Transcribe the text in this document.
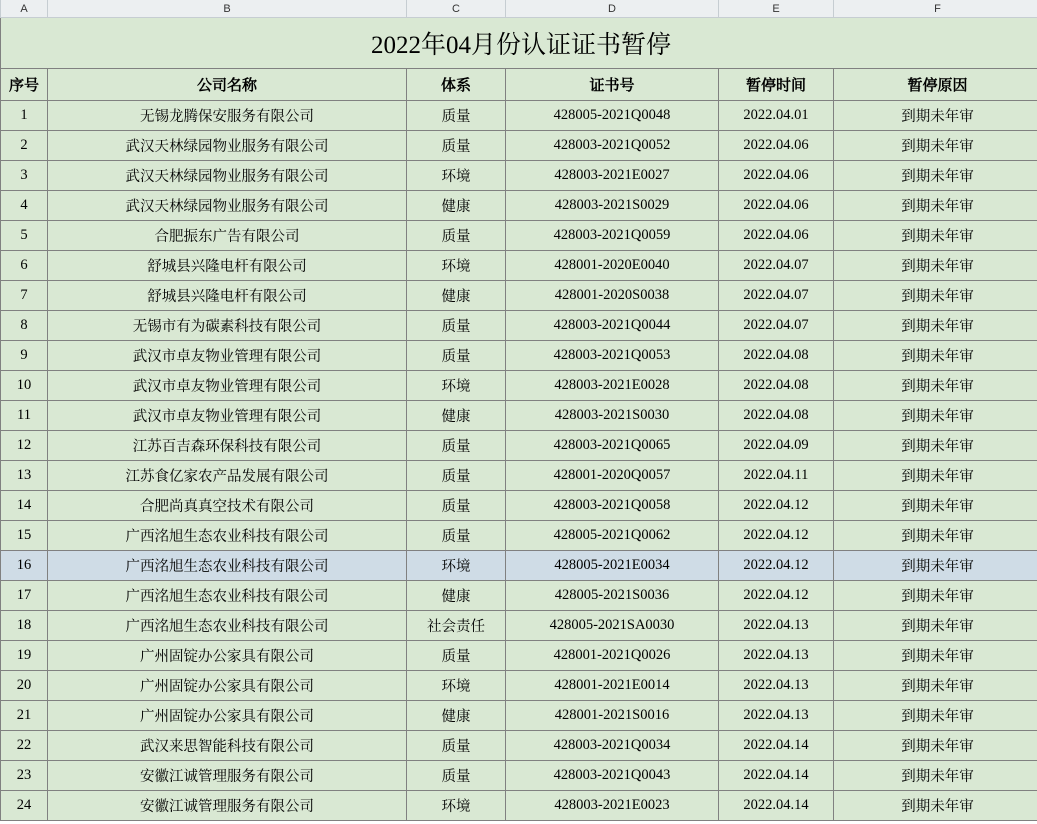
A	B	C	D	E	F
2022年04月份认证证书暂停					
序号	公司名称	体系	证书号	暂停时间	暂停原因
1	无锡龙腾保安服务有限公司	质量	428005-2021Q0048	2022.04.01	到期未年审
2	武汉天林绿园物业服务有限公司	质量	428003-2021Q0052	2022.04.06	到期未年审
3	武汉天林绿园物业服务有限公司	环境	428003-2021E0027	2022.04.06	到期未年审
4	武汉天林绿园物业服务有限公司	健康	428003-2021S0029	2022.04.06	到期未年审
5	合肥振东广告有限公司	质量	428003-2021Q0059	2022.04.06	到期未年审
6	舒城县兴隆电杆有限公司	环境	428001-2020E0040	2022.04.07	到期未年审
7	舒城县兴隆电杆有限公司	健康	428001-2020S0038	2022.04.07	到期未年审
8	无锡市有为碳素科技有限公司	质量	428003-2021Q0044	2022.04.07	到期未年审
9	武汉市卓友物业管理有限公司	质量	428003-2021Q0053	2022.04.08	到期未年审
10	武汉市卓友物业管理有限公司	环境	428003-2021E0028	2022.04.08	到期未年审
11	武汉市卓友物业管理有限公司	健康	428003-2021S0030	2022.04.08	到期未年审
12	江苏百吉森环保科技有限公司	质量	428003-2021Q0065	2022.04.09	到期未年审
13	江苏食亿家农产品发展有限公司	质量	428001-2020Q0057	2022.04.11	到期未年审
14	合肥尚真真空技术有限公司	质量	428003-2021Q0058	2022.04.12	到期未年审
15	广西洺旭生态农业科技有限公司	质量	428005-2021Q0062	2022.04.12	到期未年审
16	广西洺旭生态农业科技有限公司	环境	428005-2021E0034	2022.04.12	到期未年审
17	广西洺旭生态农业科技有限公司	健康	428005-2021S0036	2022.04.12	到期未年审
18	广西洺旭生态农业科技有限公司	社会责任	428005-2021SA0030	2022.04.13	到期未年审
19	广州固锭办公家具有限公司	质量	428001-2021Q0026	2022.04.13	到期未年审
20	广州固锭办公家具有限公司	环境	428001-2021E0014	2022.04.13	到期未年审
21	广州固锭办公家具有限公司	健康	428001-2021S0016	2022.04.13	到期未年审
22	武汉来思智能科技有限公司	质量	428003-2021Q0034	2022.04.14	到期未年审
23	安徽江诚管理服务有限公司	质量	428003-2021Q0043	2022.04.14	到期未年审
24	安徽江诚管理服务有限公司	环境	428003-2021E0023	2022.04.14	到期未年审
